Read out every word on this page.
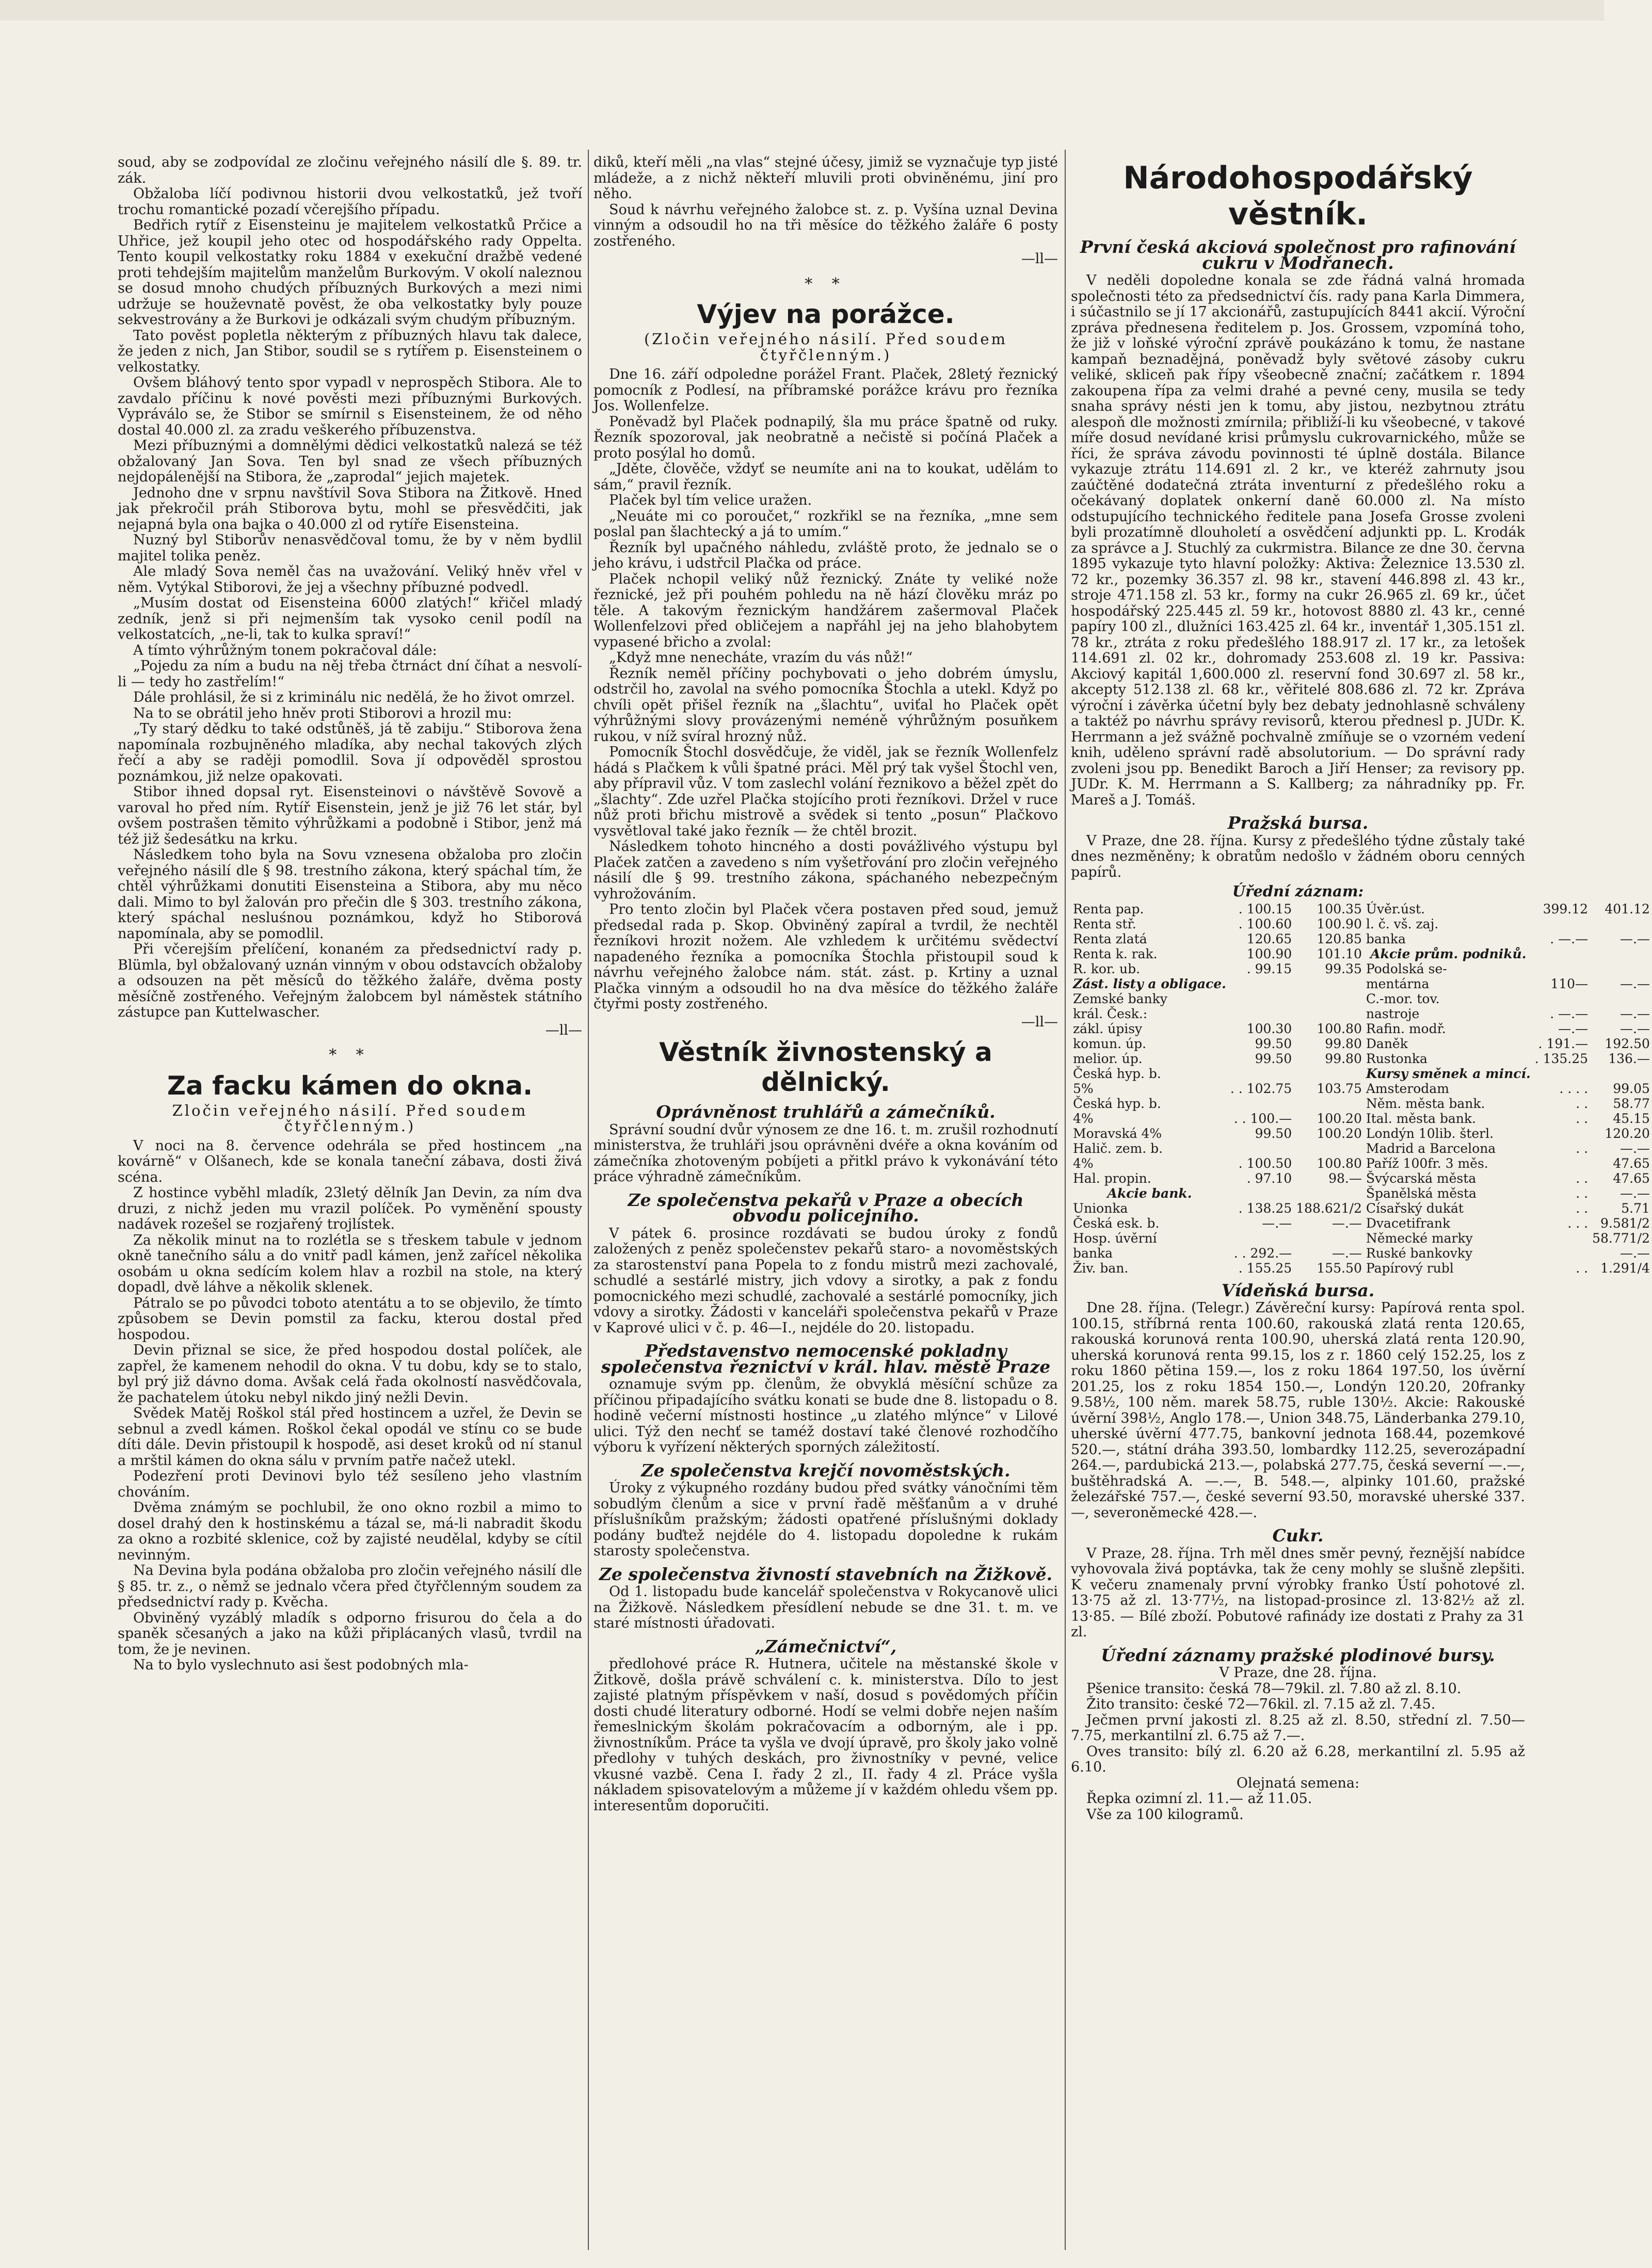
soud, aby se zodpovídal ze zločinu veřejného násilí dle §. 89. tr. zák.

Obžaloba líčí podivnou historii dvou velkostatků, jež tvoří trochu romantické pozadí včerejšího případu.

Bedřich rytíř z Eisensteinu je majitelem velkostatků Prčice a Uhřice, jež koupil jeho otec od hospodářského rady Oppelta. Tento koupil velkostatky roku 1884 v exekuční dražbě vedené proti tehdejším majitelům manželům Burkovým. V okolí naleznou se dosud mnoho chudých příbuzných Burkových a mezi nimi udržuje se houževnatě pověst, že oba velkostatky byly pouze sekvestrovány a že Burkovi je odkázali svým chudým příbuzným.

Tato pověst popletla některým z příbuzných hlavu tak dalece, že jeden z nich, Jan Stibor, soudil se s rytířem p. Eisensteinem o velkostatky.

Ovšem bláhový tento spor vypadl v neprospěch Stibora. Ale to zavdalo příčinu k nové pověsti mezi příbuznými Burkových. Vypráválo se, že Stibor se smírnil s Eisensteinem, že od něho dostal 40.000 zl. za zradu veškerého příbuzenstva.

Mezi příbuznými a domnělými dědici velkostatků nalezá se též obžalovaný Jan Sova. Ten byl snad ze všech příbuzných nejdopálenější na Stibora, že „zaprodal“ jejich majetek.

Jednoho dne v srpnu navštívil Sova Stibora na Žitkově. Hned jak překročil práh Stiborova bytu, mohl se přesvědčiti, jak nejapná byla ona bajka o 40.000 zl od rytíře Eisensteina.

Nuzný byl Stiborův nenasvědčoval tomu, že by v něm bydlil majitel tolika peněz.

Ale mladý Sova neměl čas na uvažování. Veliký hněv vřel v něm. Vytýkal Stiborovi, že jej a všechny příbuzné podvedl.

„Musím dostat od Eisensteina 6000 zlatých!“ křičel mladý zedník, jenž si při nejmenším tak vysoko cenil podíl na velkostatcích, „ne-li, tak to kulka spraví!“

A tímto výhrůžným tonem pokračoval dále:

„Pojedu za ním a budu na něj třeba čtrnáct dní číhat a nesvolí-li — tedy ho zastřelím!“

Dále prohlásil, že si z kriminálu nic nedělá, že ho život omrzel.

Na to se obrátil jeho hněv proti Stiborovi a hrozil mu:

„Ty starý dědku to také odstůněš, já tě zabiju.“ Stiborova žena napomínala rozbujněného mladíka, aby nechal takových zlých řečí a aby se raději pomodlil. Sova jí odpověděl sprostou poznámkou, již nelze opakovati.

Stibor ihned dopsal ryt. Eisensteinovi o návštěvě Sovově a varoval ho před ním. Rytíř Eisenstein, jenž je již 76 let stár, byl ovšem postrašen těmito výhrůžkami a podobně i Stibor, jenž má též již šedesátku na krku.

Následkem toho byla na Sovu vznesena obžaloba pro zločin veřejného násilí dle § 98. trestního zákona, který spáchal tím, že chtěl výhrůžkami donutiti Eisensteina a Stibora, aby mu něco dali. Mimo to byl žalován pro přečin dle § 303. trestního zákona, který spáchal nesluśnou poznámkou, když ho Stiborová napomínala, aby se pomodlil.

Při včerejším přelíčení, konaném za předsednictví rady p. Blümla, byl obžalovaný uznán vinným v obou odstavcích obžaloby a odsouzen na pět měsíců do těžkého žaláře, dvěma posty měsíčně zostřeného. Veřejným žalobcem byl náměstek státního zástupce pan Kuttelwascher.

—ll—
* *
Za facku kámen do okna.
Zločin veřejného násilí. Před soudem čtyřčlenným.)

V noci na 8. července odehrála se před hostincem „na kovárně“ v Olšanech, kde se konala taneční zábava, dosti živá scéna.

Z hostince vyběhl mladík, 23letý dělník Jan Devin, za ním dva druzi, z nichž jeden mu vrazil políček. Po vyměnění spousty nadávek rozešel se rozjařený trojlístek.

Za několik minut na to rozlétla se s třeskem tabule v jednom okně tanečního sálu a do vnitř padl kámen, jenž zařícel několika osobám u okna sedícím kolem hlav a rozbil na stole, na který dopadl, dvě láhve a několik sklenek.

Pátralo se po původci toboto atentátu a to se objevilo, že tímto způsobem se Devin pomstil za facku, kterou dostal před hospodou.

Devin přiznal se sice, že před hospodou dostal políček, ale zapřel, že kamenem nehodil do okna. V tu dobu, kdy se to stalo, byl prý již dávno doma. Avšak celá řada okolností nasvědčovala, že pachatelem útoku nebyl nikdo jiný nežli Devin.

Svědek Matěj Roškol stál před hostincem a uzřel, že Devin se sebnul a zvedl kámen. Roškol čekal opodál ve stínu co se bude díti dále. Devin přistoupil k hospodě, asi deset kroků od ní stanul a mrštil kámen do okna sálu v prvním patře načež utekl.

Podezření proti Devinovi bylo též sesíleno jeho vlastním chováním.

Dvěma známým se pochlubil, že ono okno rozbil a mimo to dosel drahý den k hostinskému a tázal se, má-li nabradit škodu za okno a rozbité sklenice, což by zajisté neudělal, kdyby se cítil nevinným.

Na Devina byla podána obžaloba pro zločin veřejného násilí dle § 85. tr. z., o němž se jednalo včera před čtyřčlenným soudem za předsednictví rady p. Kvěcha.

Obviněný vyzáblý mladík s odporno frisurou do čela a do spaněk sčesaných a jako na kůži připlácaných vlasů, tvrdil na tom, že je nevinen.

Na to bylo vyslechnuto asi šest podobných mla-

diků, kteří měli „na vlas“ stejné účesy, jimiž se vyznačuje typ jisté mládeže, a z nichž někteří mluvili proti obviněnému, jiní pro něho.

Soud k návrhu veřejného žalobce st. z. p. Vyšína uznal Devina vinným a odsoudil ho na tři měsíce do těžkého žaláře 6 posty zostřeného.

—ll—
* *
Výjev na porážce.
(Zločin veřejného násilí. Před soudem čtyřčlenným.)

Dne 16. září odpoledne porážel Frant. Plaček, 28letý řeznický pomocník z Podlesí, na příbramské porážce krávu pro řezníka Jos. Wollenfelze.

Poněvadž byl Plaček podnapilý, šla mu práce špatně od ruky. Řezník spozoroval, jak neobratně a nečistě si počíná Plaček a proto posýlal ho domů.

„Jděte, člověče, vždyť se neumíte ani na to koukat, udělám to sám,“ pravil řezník.

Plaček byl tím velice uražen.

„Neuáte mi co poroučet,“ rozkřikl se na řezníka, „mne sem poslal pan šlachtecký a já to umím.“

Řezník byl upačného náhledu, zvláště proto, že jednalo se o jeho krávu, i udstřcil Plačka od práce.

Plaček nchopil veliký nůž řeznický. Znáte ty veliké nože řeznické, jež při pouhém pohledu na ně hází člověku mráz po těle. A takovým řeznickým handžárem zašermoval Plaček Wollenfelzovi před obličejem a napřáhl jej na jeho blahobytem vypasené břicho a zvolal:

„Když mne nenecháte, vrazím du vás nůž!“

Řezník neměl příčiny pochybovati o jeho dobrém úmyslu, odstrčil ho, zavolal na svého pomocníka Štochla a utekl. Když po chvíli opět přišel řezník na „šlachtu“, uviťal ho Plaček opět výhrůžnými slovy provázenými neméně výhrůžným posuňkem rukou, v níž svíral hrozný nůž.

Pomocník Štochl dosvědčuje, že viděl, jak se řezník Wollenfelz hádá s Plačkem k vůli špatné práci. Měl prý tak vyšel Štochl ven, aby přípravil vůz. V tom zaslechl volání řeznikovo a běžel zpět do „šlachty“. Zde uzřel Plačka stojícího proti řezníkovi. Držel v ruce nůž proti břichu mistrově a svědek si tento „posun“ Plačkovo vysvětloval také jako řezník — že chtěl brozit.

Následkem tohoto hincného a dosti povážlivého výstupu byl Plaček zatčen a zavedeno s ním vyšetřování pro zločin veřejného násilí dle § 99. trestního zákona, spáchaného nebezpečným vyhrožováním.

Pro tento zločin byl Plaček včera postaven před soud, jemuž předsedal rada p. Skop. Obviněný zapíral a tvrdil, že nechtěl řezníkovi hrozit nožem. Ale vzhledem k určitému svědectví napadeného řezníka a pomocníka Štochla přistoupil soud k návrhu veřejného žalobce nám. stát. zást. p. Krtiny a uznal Plačka vinným a odsoudil ho na dva měsíce do těžkého žaláře čtyřmi posty zostřeného.

—ll—
Věstník živnostenský a dělnický.
Oprávněnost truhlářů a zámečníků.

Správní soudní dvůr výnosem ze dne 16. t. m. zrušil rozhodnutí ministerstva, že truhláři jsou oprávněni dvéře a okna kováním od zámečníka zhotoveným pobíjeti a přitkl právo k vykonávání této práce výhradně zámečníkům.

Ze společenstva pekařů v Praze a obecích obvodu policejního.

V pátek 6. prosince rozdávati se budou úroky z fondů založených z peněz společenstev pekařů staro- a novoměstských za starostenství pana Popela to z fondu mistrů mezi zachovalé, schudlé a sestárlé mistry, jich vdovy a sirotky, a pak z fondu pomocnického mezi schudlé, zachovalé a sestárlé pomocníky, jich vdovy a sirotky. Žádosti v kanceláři společenstva pekařů v Praze v Kaprové ulici v č. p. 46—I., nejdéle do 20. listopadu.

Představenstvo nemocenské pokladny společenstva řeznictví v král. hlav. městě Praze

oznamuje svým pp. členům, že obvyklá měsíční schůze za příčinou připadajícího svátku konati se bude dne 8. listopadu o 8. hodině večerní místnosti hostince „u zlatého mlýnce“ v Lilové ulici. Týž den nechť se taméž dostaví také členové rozhodčího výboru k vyřízení některých sporných záležitostí.

Ze společenstva krejčí novoměstských.

Úroky z výkupného rozdány budou před svátky vánočními těm sobudlým členům a sice v první řadě měšťanům a v druhé příslušníkům pražským; žádosti opatřené příslušnými doklady podány buďtež nejdéle do 4. listopadu dopoledne k rukám starosty společenstva.

Ze společenstva živností stavebních na Žižkově.

Od 1. listopadu bude kancelář společenstva v Rokycanově ulici na Žižkově. Následkem přesídlení nebude se dne 31. t. m. ve staré místnosti úřadovati.

„Zámečnictví“,

předlohové práce R. Hutnera, učitele na městanské škole v Žitkově, došla právě schválení c. k. ministerstva. Dílo to jest zajisté platným příspěvkem v naší, dosud s povědomých příčin dosti chudé literatury odborné. Hodí se velmi dobře nejen naším řemeslnickým školám pokračovacím a odborným, ale i pp. živnostníkům. Práce ta vyšla ve dvojí úpravě, pro školy jako volně předlohy v tuhých deskách, pro živnostníky v pevné, velice vkusné vazbě. Cena I. řady 2 zl., II. řady 4 zl. Práce vyšla nákladem spisovatelovým a můžeme jí v každém ohledu všem pp. interesentům doporučiti.

Národohospodářský věstník.
První česká akciová společnost pro rafinování cukru v Modřanech.

V neděli dopoledne konala se zde řádná valná hromada společnosti této za předsednictví čís. rady pana Karla Dimmera, i súčastnilo se jí 17 akcionářů, zastupujících 8441 akcií. Výroční zpráva přednesena ředitelem p. Jos. Grossem, vzpomíná toho, že již v loňské výroční zprávě poukázáno k tomu, že nastane kampaň beznadějná, poněvadž byly světové zásoby cukru veliké, skliceň pak řípy všeobecně znační; začátkem r. 1894 zakoupena řípa za velmi drahé a pevné ceny, musila se tedy snaha správy nésti jen k tomu, aby jistou, nezbytnou ztrátu alespoň dle možnosti zmírnila; přibliží-li ku všeobecné, v takové míře dosud nevídané krisi průmyslu cukrovarnického, může se říci, že správa závodu povinnosti té úplně dostála. Bilance vykazuje ztrátu 114.691 zl. 2 kr., ve kteréž zahrnuty jsou zaúčtěné dodatečná ztráta inventurní z předešlého roku a očekávaný doplatek onkerní daně 60.000 zl. Na místo odstupujícího technického ředitele pana Josefa Grosse zvoleni byli prozatímně dlouholetí a osvědčení adjunkti pp. L. Krodák za správce a J. Stuchlý za cukrmistra. Bilance ze dne 30. června 1895 vykazuje tyto hlavní položky: Aktiva: Železnice 13.530 zl. 72 kr., pozemky 36.357 zl. 98 kr., stavení 446.898 zl. 43 kr., stroje 471.158 zl. 53 kr., formy na cukr 26.965 zl. 69 kr., účet hospodářský 225.445 zl. 59 kr., hotovost 8880 zl. 43 kr., cenné papíry 100 zl., dlužníci 163.425 zl. 64 kr., inventář 1,305.151 zl. 78 kr., ztráta z roku předešlého 188.917 zl. 17 kr., za letošek 114.691 zl. 02 kr., dohromady 253.608 zl. 19 kr. Passiva: Akciový kapitál 1,600.000 zl. reservní fond 30.697 zl. 58 kr., akcepty 512.138 zl. 68 kr., věřitelé 808.686 zl. 72 kr. Zpráva výroční i závěrka účetní byly bez debaty jednohlasně schváleny a taktéž po návrhu správy revisorů, kterou přednesl p. JUDr. K. Herrmann a jež svážně pochvalně zmíňuje se o vzorném vedení knih, uděleno správní radě absolutorium. — Do správní rady zvoleni jsou pp. Benedikt Baroch a Jiří Henser; za revisory pp. JUDr. K. M. Herrmann a S. Kallberg; za náhradníky pp. Fr. Mareš a J. Tomáš.

Pražská bursa.

V Praze, dne 28. října. Kursy z předešlého týdne zůstaly také dnes nezměněny; k obratům nedošlo v žádném oboru cenných papírů.

Úřední záznam:
Renta pap.	. 100.15	100.35	Úvěr.úst.	399.12	401.12
Renta stř.	. 100.60	100.90	l. č. vš. zaj.		
Renta zlatá	120.65	120.85	banka	. —.—	—.—
Renta k. rak.	100.90	101.10	Akcie prům. podniků.		
R. kor. ub.	. 99.15	99.35	Podolská se-		
Zást. listy a obligace.			mentárna	110—	—.—
Zemské banky			C.-mor. tov.		
král. Česk.:			nastroje	. —.—	—.—
zákl. úpisy	100.30	100.80	Rafin. modř.	—.—	—.—
komun. úp.	99.50	99.80	Daněk	. 191.—	192.50
melior. úp.	99.50	99.80	Rustonka	. 135.25	136.—
Česká hyp. b.			Kursy směnek a mincí.		
5%	. . 102.75	103.75	Amsterodam	. . . .	99.05
Česká hyp. b.			Něm. města bank.	. .	58.77
4%	. . 100.—	100.20	Ital. města bank.	. .	45.15
Moravská 4%	99.50	100.20	Londýn 10lib. šterl.		120.20
Halič. zem. b.			Madrid a Barcelona	. .	—.—
4%	. 100.50	100.80	Paříž 100fr. 3 měs.		47.65
Hal. propin.	. 97.10	98.—	Švýcarská města	. .	47.65
Akcie bank.			Španělská města	. .	—.—
Unionka	. 138.25	188.621/2	Císařský dukát	. .	5.71
Česká esk. b.	—.—	—.—	Dvacetifrank	. . .	9.581/2
Hosp. úvěrní			Německé marky		58.771/2
banka	. . 292.—	—.—	Ruské bankovky		—.—
Živ. ban.	. 155.25	155.50	Papírový rubl	. .	1.291/4
Vídeňská bursa.

Dne 28. října. (Telegr.) Závěreční kursy: Papírová renta spol. 100.15, stříbrná renta 100.60, rakouská zlatá renta 120.65, rakouská korunová renta 100.90, uherská zlatá renta 120.90, uherská korunová renta 99.15, los z r. 1860 celý 152.25, los z roku 1860 pětina 159.—, los z roku 1864 197.50, los úvěrní 201.25, los z roku 1854 150.—, Londýn 120.20, 20franky 9.58½, 100 něm. marek 58.75, ruble 130½. Akcie: Rakouské úvěrní 398½, Anglo 178.—, Union 348.75, Länderbanka 279.10, uherské úvěrní 477.75, bankovní jednota 168.44, pozemkové 520.—, státní dráha 393.50, lombardky 112.25, severozápadní 264.—, pardubická 213.—, polabská 277.75, česká severní —.—, buštěhradská A. —.—, B. 548.—, alpinky 101.60, pražské železářské 757.—, české severní 93.50, moravské uherské 337.—, severoněmecké 428.—.

Cukr.

V Praze, 28. října. Trh měl dnes směr pevný, řeznější nabídce vyhovovala živá poptávka, tak že ceny mohly se slušně zlepšiti. K večeru znamenaly první výrobky franko Ústí pohotové zl. 13·75 až zl. 13·77½, na listopad-prosince zl. 13·82½ až zl. 13·85. — Bílé zboží. Pobutové rafinády ize dostati z Prahy za 31 zl.

Úřední záznamy pražské plodinové bursy.

V Praze, dne 28. října.

Pšenice transito: česká 78—79kil. zl. 7.80 až zl. 8.10.

Žito transito: české 72—76kil. zl. 7.15 až zl. 7.45.

Ječmen první jakosti zl. 8.25 až zl. 8.50, střední zl. 7.50—7.75, merkantilní zl. 6.75 až 7.—.

Oves transito: bílý zl. 6.20 až 6.28, merkantilní zl. 5.95 až 6.10.

Olejnatá semena:

Řepka ozimní zl. 11.— až 11.05.

Vše za 100 kilogramů.
